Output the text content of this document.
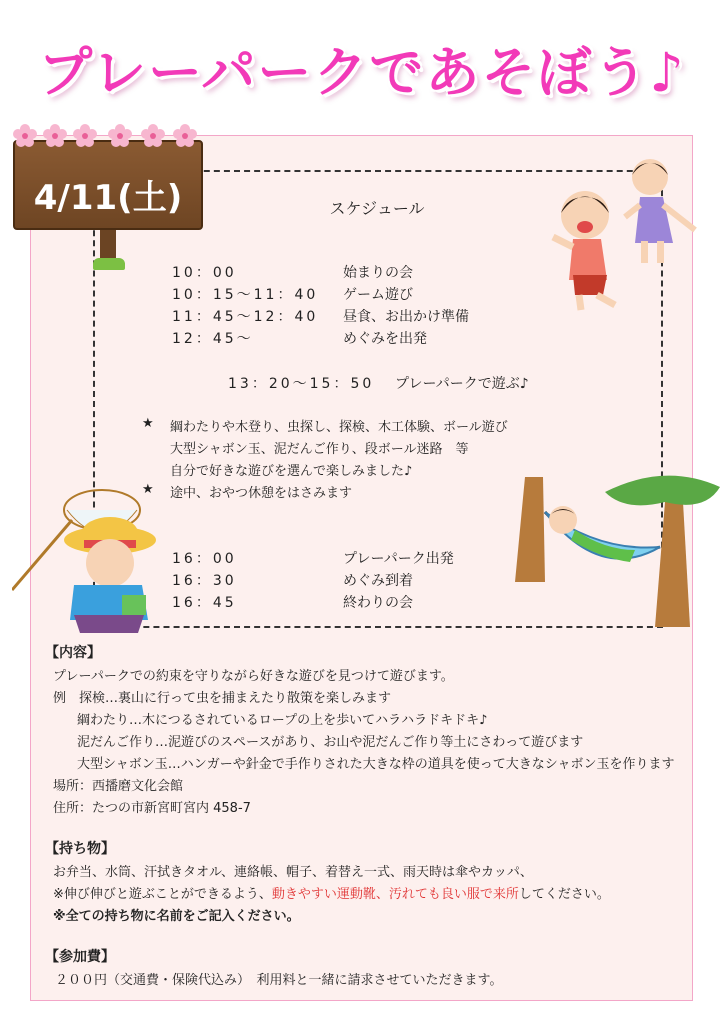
プレーパークであそぼう♪
4/11(土)	スケジュール
10：00	始まりの会
10：15〜11：40 ゲーム遊び
11：45〜12：40 昼食、お出かけ準備
12：45〜	めぐみを出発
13：20〜15：50 プレーパークで遊ぶ♪
★ 綱わたりや木登り、虫探し、探検、木工体験、ボール遊び
大型シャボン玉、泥だんご作り、段ボール迷路　等
自分で好きな遊びを選んで楽しみました♪
★ 途中、おやつ休憩をはさみます
16：00	プレーパーク出発
16：30	めぐみ到着
16：45	終わりの会
【内容】
プレーパークでの約束を守りながら好きな遊びを見つけて遊びます。
例　探検…裏山に行って虫を捕まえたり散策を楽しみます
綱わたり…木につるされているロープの上を歩いてハラハラドキドキ♪
泥だんご作り…泥遊びのスペースがあり、お山や泥だんご作り等土にさわって遊びます
大型シャボン玉…ハンガーや針金で手作りされた大きな枠の道具を使って大きなシャボン玉を作ります
場所：西播磨文化会館
住所：たつの市新宮町宮内 458-7
【持ち物】
お弁当、水筒、汗拭きタオル、連絡帳、帽子、着替え一式、雨天時は傘やカッパ、
※伸び伸びと遊ぶことができるよう、動きやすい運動靴、汚れても良い服で来所してください。
※全ての持ち物に名前をご記入ください。
【参加費】
２００円（交通費・保険代込み）　利用料と一緒に請求させていただきます。
